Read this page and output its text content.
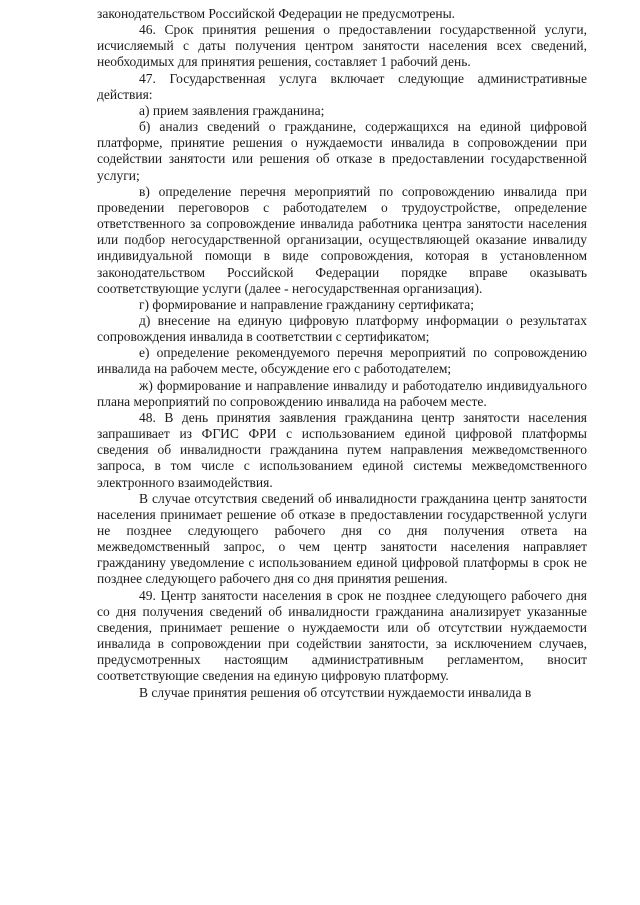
законодательством Российской Федерации не предусмотрены.

46. Срок принятия решения о предоставлении государственной услуги, исчисляемый с даты получения центром занятости населения всех сведений, необходимых для принятия решения, составляет 1 рабочий день.

47. Государственная услуга включает следующие административные действия:

а) прием заявления гражданина;

б) анализ сведений о гражданине, содержащихся на единой цифровой платформе, принятие решения о нуждаемости инвалида в сопровождении при содействии занятости или решения об отказе в предоставлении государственной услуги;

в) определение перечня мероприятий по сопровождению инвалида при проведении переговоров с работодателем о трудоустройстве, определение ответственного за сопровождение инвалида работника центра занятости населения или подбор негосударственной организации, осуществляющей оказание инвалиду индивидуальной помощи в виде сопровождения, которая в установленном законодательством Российской Федерации порядке вправе оказывать соответствующие услуги (далее - негосударственная организация).

г) формирование и направление гражданину сертификата;

д) внесение на единую цифровую платформу информации о результатах сопровождения инвалида в соответствии с сертификатом;

е) определение рекомендуемого перечня мероприятий по сопровождению инвалида на рабочем месте, обсуждение его с работодателем;

ж) формирование и направление инвалиду и работодателю индивидуального плана мероприятий по сопровождению инвалида на рабочем месте.

48. В день принятия заявления гражданина центр занятости населения запрашивает из ФГИС ФРИ с использованием единой цифровой платформы сведения об инвалидности гражданина путем направления межведомственного запроса, в том числе с использованием единой системы межведомственного электронного взаимодействия.

В случае отсутствия сведений об инвалидности гражданина центр занятости населения принимает решение об отказе в предоставлении государственной услуги не позднее следующего рабочего дня со дня получения ответа на межведомственный запрос, о чем центр занятости населения направляет гражданину уведомление с использованием единой цифровой платформы в срок не позднее следующего рабочего дня со дня принятия решения.

49. Центр занятости населения в срок не позднее следующего рабочего дня со дня получения сведений об инвалидности гражданина анализирует указанные сведения, принимает решение о нуждаемости или об отсутствии нуждаемости инвалида в сопровождении при содействии занятости, за исключением случаев, предусмотренных настоящим административным регламентом, вносит соответствующие сведения на единую цифровую платформу.

В случае принятия решения об отсутствии нуждаемости инвалида в
